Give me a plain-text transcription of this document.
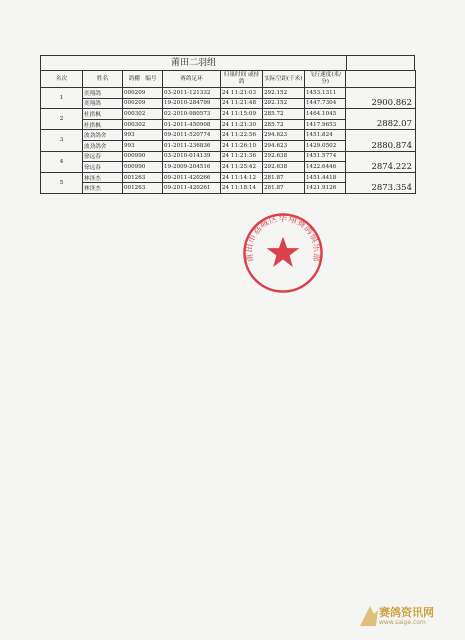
莆田二羽组
名次	姓名	鸽棚　编号	赛鸽足环	归巢时间 或持鸽	实际空距(千米)	飞行速度(米/分)	
1	奕翔鸽	000209	03-2011-121332	24 11:21:03	292.152	1453.1311	2900.862
	奕翔鸽	000209	19-2010-284799	24 11:21:48	292.152	1447.7304	
2	杜拱枫	000302	02-2010-980573	24 11:15:09	285.72	1464.1045	2882.07
	杜拱枫	000302	01-2011-450908	24 11:21:30	285.72	1417.9653	
3	波劲鸽舍	993	09-2011-520774	24 11:22:56	294.623	1451.824	2880.874
	波劲鸽舍	993	01-2011-236836	24 11:26:10	294.623	1429.0502	
4	徐远春	000990	03-2010-014139	24 11:21:36	292.638	1451.5774	2874.222
	徐远春	000990	19-2009-204516	24 11:25:42	292.638	1422.6446	
5	林泽杰	001263	09-2011-420266	24 11:14:12	281.87	1451.4418	2873.354
	林泽杰	001263	09-2011-420261	24 11:18:14	281.87	1421.9126	
莆田市荔城区华翔赛鸽俱乐部
赛鸽资讯网
www.saige.com
